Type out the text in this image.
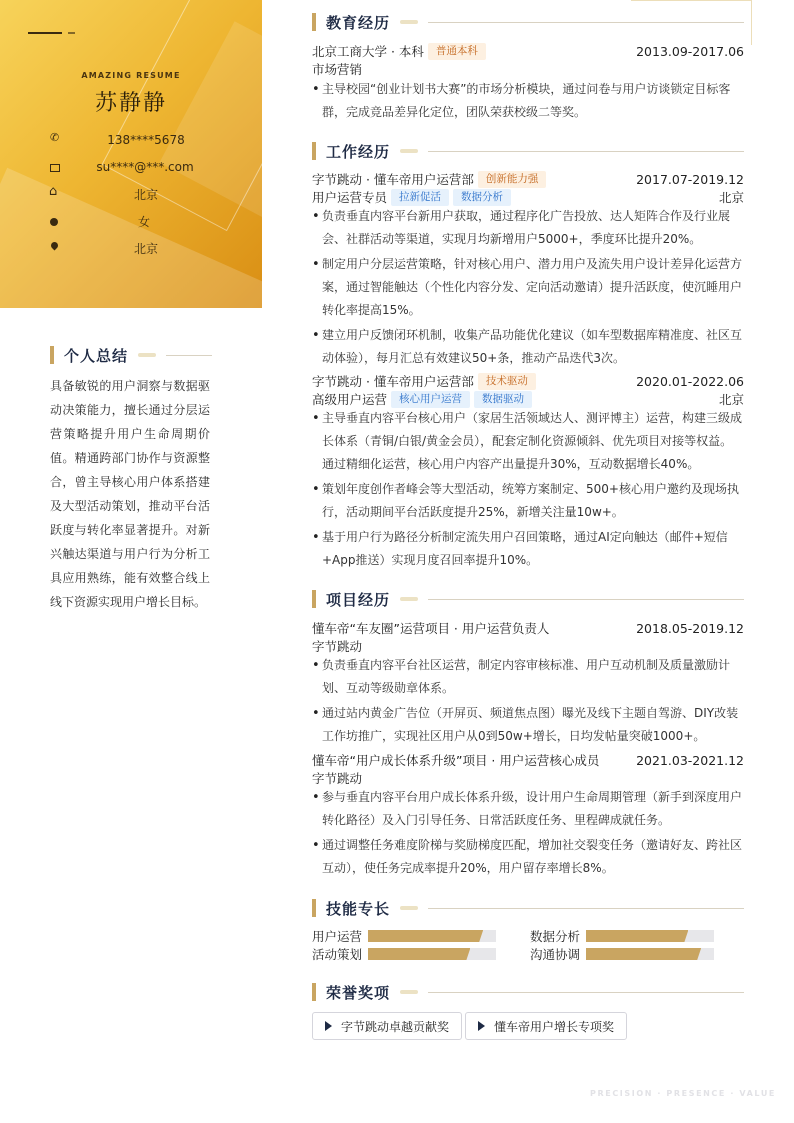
AMAZING RESUME
苏静静
✆
138****5678
su****@***.com
⌂
北京
女
北京
个人总结
具备敏锐的用户洞察与数据驱动决策能力，擅长通过分层运营策略提升用户生命周期价值。精通跨部门协作与资源整合，曾主导核心用户体系搭建及大型活动策划，推动平台活跃度与转化率显著提升。对新兴触达渠道与用户行为分析工具应用熟练，能有效整合线上线下资源实现用户增长目标。
教育经历
北京工商大学 · 本科	普通本科	2013.09-2017.06
市场营销
• 主导校园“创业计划书大赛”的市场分析模块，通过问卷与用户访谈锁定目标客群，完成竞品差异化定位，团队荣获校级二等奖。
工作经历
字节跳动 · 懂车帝用户运营部	创新能力强	2017.07-2019.12
用户运营专员	拉新促活	数据分析	北京
• 负责垂直内容平台新用户获取，通过程序化广告投放、达人矩阵合作及行业展会、社群活动等渠道，实现月均新增用户5000+，季度环比提升20%。
• 制定用户分层运营策略，针对核心用户、潜力用户及流失用户设计差异化运营方案，通过智能触达（个性化内容分发、定向活动邀请）提升活跃度，使沉睡用户转化率提高15%。
• 建立用户反馈闭环机制，收集产品功能优化建议（如车型数据库精准度、社区互动体验），每月汇总有效建议50+条，推动产品迭代3次。
字节跳动 · 懂车帝用户运营部	技术驱动	2020.01-2022.06
高级用户运营	核心用户运营	数据驱动	北京
• 主导垂直内容平台核心用户（家居生活领域达人、测评博主）运营，构建三级成长体系（青铜/白银/黄金会员），配套定制化资源倾斜、优先项目对接等权益。通过精细化运营，核心用户内容产出量提升30%，互动数据增长40%。
• 策划年度创作者峰会等大型活动，统筹方案制定、500+核心用户邀约及现场执行，活动期间平台活跃度提升25%，新增关注量10w+。
• 基于用户行为路径分析制定流失用户召回策略，通过AI定向触达（邮件+短信+App推送）实现月度召回率提升10%。
项目经历
懂车帝“车友圈”运营项目 · 用户运营负责人	2018.05-2019.12
字节跳动
• 负责垂直内容平台社区运营，制定内容审核标准、用户互动机制及质量激励计划、互动等级勋章体系。
• 通过站内黄金广告位（开屏页、频道焦点图）曝光及线下主题自驾游、DIY改装工作坊推广，实现社区用户从0到50w+增长，日均发帖量突破1000+。
懂车帝“用户成长体系升级”项目 · 用户运营核心成员	2021.03-2021.12
字节跳动
• 参与垂直内容平台用户成长体系升级，设计用户生命周期管理（新手到深度用户转化路径）及入门引导任务、日常活跃度任务、里程碑成就任务。
• 通过调整任务难度阶梯与奖励梯度匹配，增加社交裂变任务（邀请好友、跨社区互动），使任务完成率提升20%，用户留存率增长8%。
技能专长
用户运营	数据分析
活动策划	沟通协调
荣誉奖项
字节跳动卓越贡献奖	懂车帝用户增长专项奖
PRECISION · PRESENCE · VALUE
